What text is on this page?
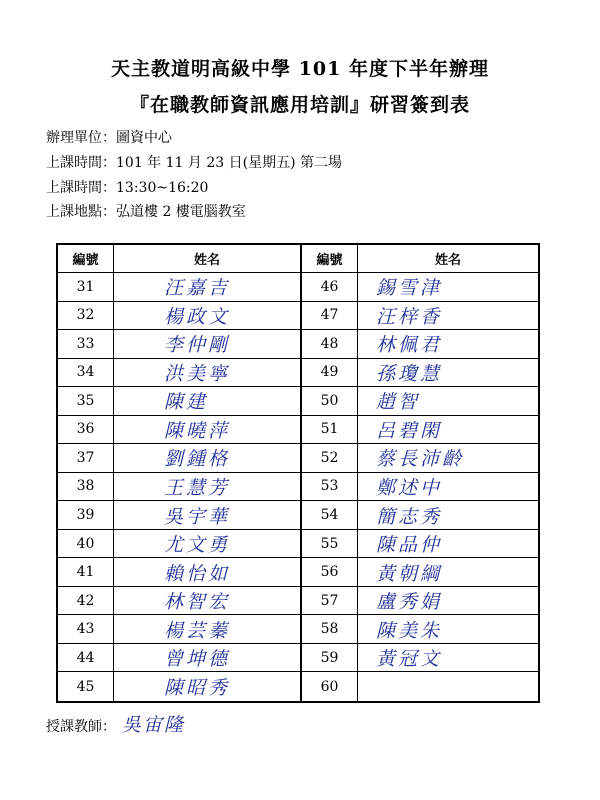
天主教道明高級中學 101 年度下半年辦理

『在職教師資訊應用培訓』研習簽到表

辦理單位：圖資中心

上課時間：101 年 11 月 23 日(星期五) 第二場

上課時間：13:30~16:20

上課地點：弘道樓 2 樓電腦教室

編號	姓名	編號	姓名
31	汪嘉吉	46	錫雪津
32	楊政文	47	汪梓香
33	李仲剛	48	林佩君
34	洪美寧	49	孫瓊慧
35	陳建	50	趙智
36	陳曉萍	51	呂碧閑
37	劉鍾格	52	蔡長沛齡
38	王慧芳	53	鄭述中
39	吳宇華	54	簡志秀
40	尤文勇	55	陳品仲
41	賴怡如	56	黃朝綱
42	林智宏	57	盧秀娟
43	楊芸蓁	58	陳美朱
44	曾坤德	59	黃冠文
45	陳昭秀	60

授課教師： 吳宙隆
